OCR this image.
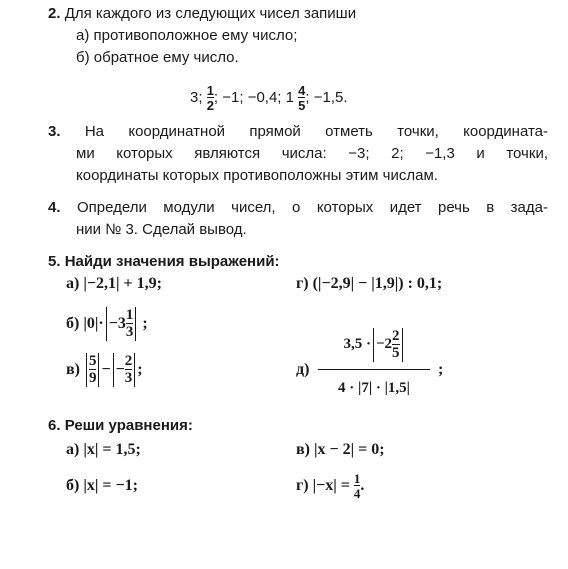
2. Для каждого из следующих чисел запиши
а) противоположное ему число;
б) обратное ему число.
3; $\frac{1}{2}$ ; −1; −0,4; $1 \frac{4}{5}$ ; −1,5.
3. На координатной прямой отметь точки, координата-
ми которых являются числа: −3; 2; −1,3 и точки,
координаты которых противоположны этим числам.
4. Определи модули чисел, о которых идет речь в зада-
нии № 3. Сделай вывод.
5. Найди значения выражений:
а) |−2,1| + 1,9;	г) (|−2,9| − |1,9|) : 0,1;
б) $|0|\cdot -3 \frac{1}{3}$ ;
$в) \frac{5}{9}$ − − $\frac{2}{3}$ ;	д)
$3,5 \cdot -2 \frac{2}{5}$
4 · |7| · |1,5|
;
6. Реши уравнения:
а) |x| = 1,5;	в) |x − 2| = 0;
б) |x| = −1;	г) $|-x| = \frac{1}{4}$ .
